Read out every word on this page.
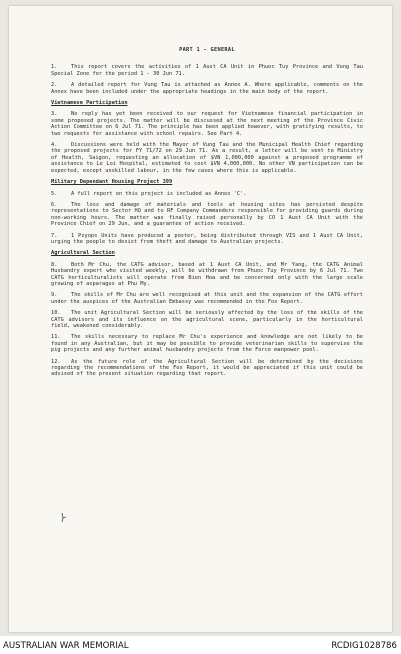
PART 1 - GENERAL
1.	This report covers the activities of 1 Aust CA Unit in Phuoc Tuy Province and Vung Tau Special Zone for the period 1 - 30 Jun 71.
2.	A detailed report for Vung Tau is attached as Annex A. Where applicable, comments on the Annex have been included under the appropriate headings in the main body of the report.
Vietnamese Participation
3.	No reply has yet been received to our request for Vietnamese financial participation in some proposed projects. The matter will be discussed at the next meeting of the Province Civic Action Committee on 6 Jul 71. The principle has been applied however, with gratifying results, to two requests for assistance with school repairs. See Part 4.
4.	Discussions were held with the Mayor of Vung Tau and the Municipal Health Chief regarding the proposed projects for FY 71/72 on 29 Jun 71. As a result, a letter will be sent to Ministry of Health, Saigon, requesting an allocation of $VN 1,000,000 against a proposed programme of assistance to Le Loi Hospital, estimated to cost $VN 4,000,000. No other VN participation can be expected, except unskilled labour, in the few cases where this is applicable.
Military Dependant Housing Project 399
5.	A full report on this project is included as Annex 'C'.
6.	The loss and damage of materials and tools at housing sites has persisted despite representations to Sector HQ and to RF Company Commanders responsible for providing guards during non-working hours. The matter was finally raised personally by CO 1 Aust CA Unit with the Province Chief on 29 Jun, and a guarantee of action received.
7.	1 Psyops Units have produced a poster, being distributed through VIS and 1 Aust CA Unit, urging the people to desist from theft and damage to Australian projects.
Agricultural Section
8.	Both Mr Chu, the CATG advisor, based at 1 Aust CA Unit, and Mr Yang, the CATG Animal Husbandry expert who visited weekly, will be withdrawn from Phuoc Tuy Province by 6 Jul 71. Two CATG horticulturalists will operate from Bien Hoa and be concerned only with the large scale growing of asparagus at Phu My.
9.	The skills of Mr Chu are well recognised at this unit and the expansion of the CATG effort under the auspices of the Australian Embassy was recommended in the Fox Report.
10. The unit Agricultural Section will be seriously affected by the loss of the skills of the CATG advisors and its influence on the agricultural scene, particularly in the horticultural field, weakened considerably.
11. The skills necessary to replace Mr Chu's experience and knowledge are not likely to be found in any Australian, but it may be possible to provide veterinarian skills to supervise the pig projects and any further animal husbandry projects from the Force manpower pool.
12. As the future role of the Agricultural Section will be determined by the decisions regarding the recommendations of the Fox Report, it would be appreciated if this unit could be advised of the present situation regarding that report.
AUSTRALIAN WAR MEMORIAL	RCDIG1028786
